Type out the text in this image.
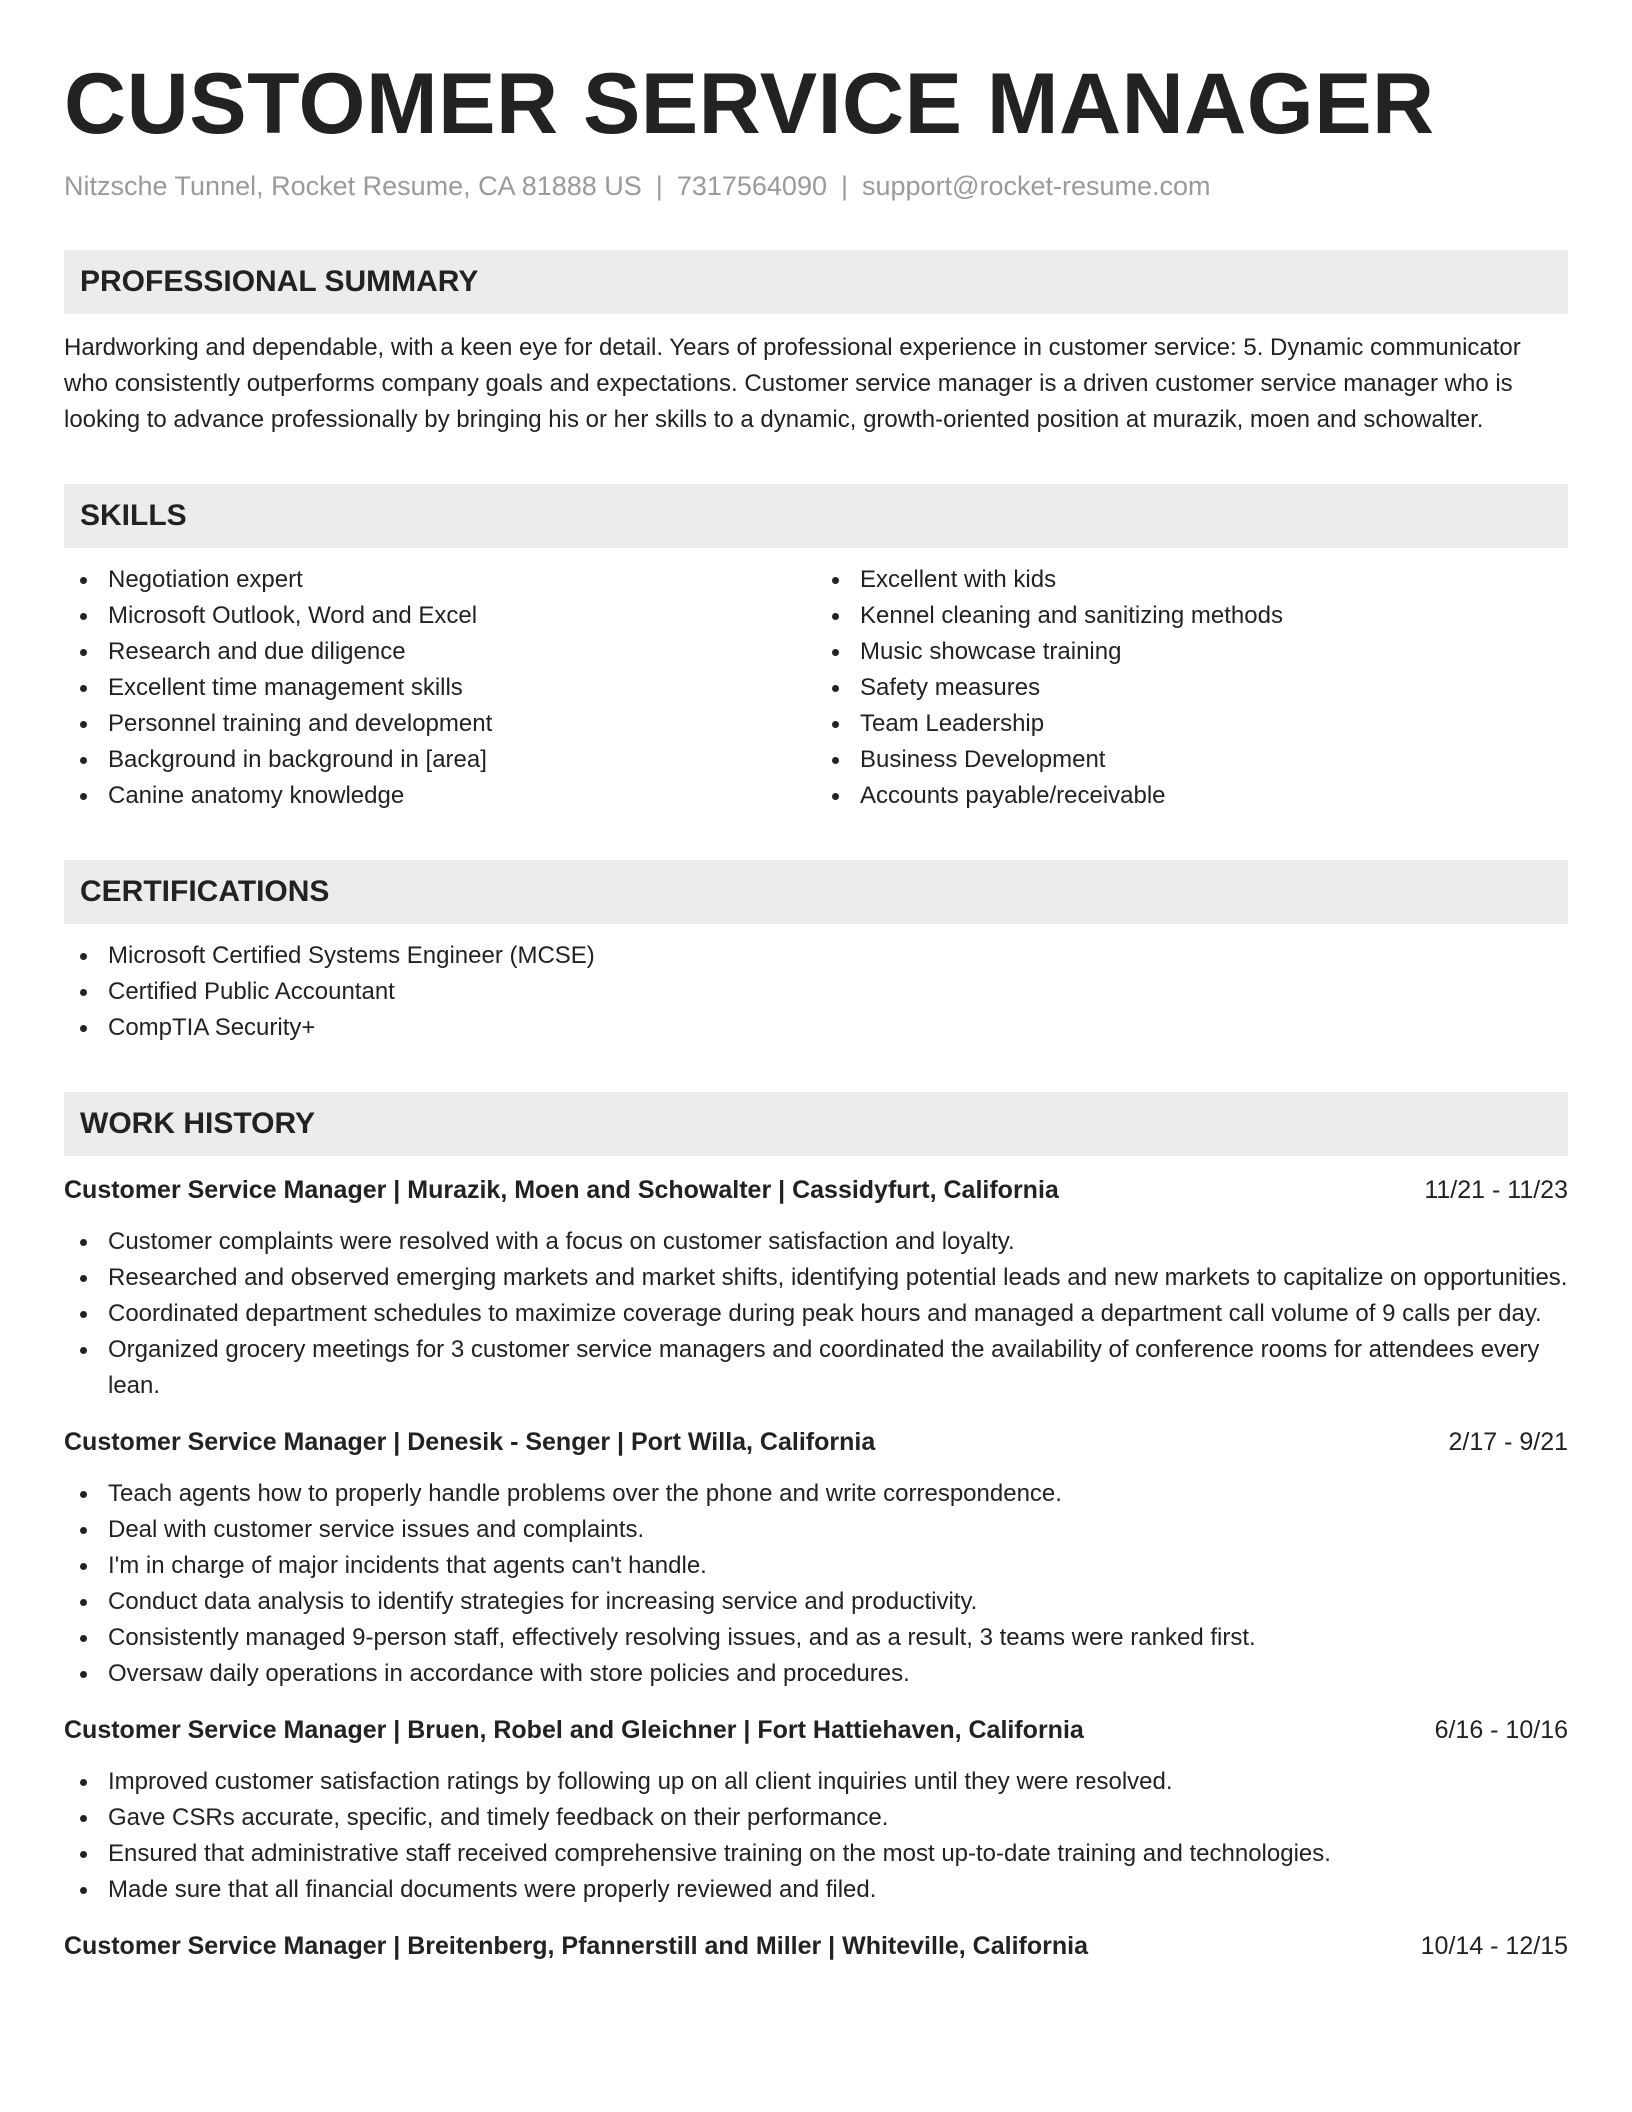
CUSTOMER SERVICE MANAGER
Nitzsche Tunnel, Rocket Resume, CA 81888 US | 7317564090 | support@rocket-resume.com
PROFESSIONAL SUMMARY

Hardworking and dependable, with a keen eye for detail. Years of professional experience in customer service: 5. Dynamic communicator who consistently outperforms company goals and expectations. Customer service manager is a driven customer service manager who is looking to advance professionally by bringing his or her skills to a dynamic, growth-oriented position at murazik, moen and schowalter.

SKILLS
Negotiation expert
Microsoft Outlook, Word and Excel
Research and due diligence
Excellent time management skills
Personnel training and development
Background in background in [area]
Canine anatomy knowledge
Excellent with kids
Kennel cleaning and sanitizing methods
Music showcase training
Safety measures
Team Leadership
Business Development
Accounts payable/receivable
CERTIFICATIONS
Microsoft Certified Systems Engineer (MCSE)
Certified Public Accountant
CompTIA Security+
WORK HISTORY
Customer Service Manager | Murazik, Moen and Schowalter | Cassidyfurt, California	11/21 - 11/23
Customer complaints were resolved with a focus on customer satisfaction and loyalty.
Researched and observed emerging markets and market shifts, identifying potential leads and new markets to capitalize on opportunities.
Coordinated department schedules to maximize coverage during peak hours and managed a department call volume of 9 calls per day.
Organized grocery meetings for 3 customer service managers and coordinated the availability of conference rooms for attendees every lean.
Customer Service Manager | Denesik - Senger | Port Willa, California	2/17 - 9/21
Teach agents how to properly handle problems over the phone and write correspondence.
Deal with customer service issues and complaints.
I'm in charge of major incidents that agents can't handle.
Conduct data analysis to identify strategies for increasing service and productivity.
Consistently managed 9-person staff, effectively resolving issues, and as a result, 3 teams were ranked first.
Oversaw daily operations in accordance with store policies and procedures.
Customer Service Manager | Bruen, Robel and Gleichner | Fort Hattiehaven, California	6/16 - 10/16
Improved customer satisfaction ratings by following up on all client inquiries until they were resolved.
Gave CSRs accurate, specific, and timely feedback on their performance.
Ensured that administrative staff received comprehensive training on the most up-to-date training and technologies.
Made sure that all financial documents were properly reviewed and filed.
Customer Service Manager | Breitenberg, Pfannerstill and Miller | Whiteville, California	10/14 - 12/15
